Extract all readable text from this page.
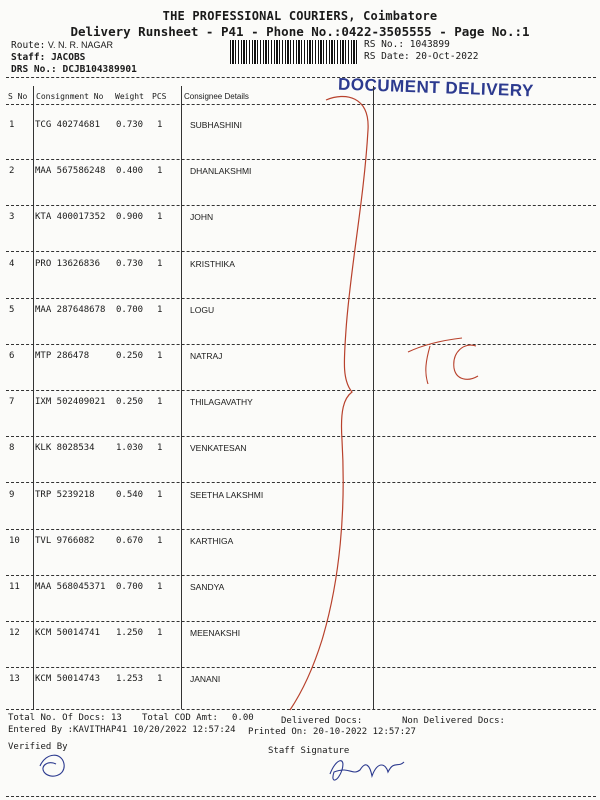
THE PROFESSIONAL COURIERS, Coimbatore
Delivery Runsheet - P41 - Phone No.:0422-3505555 - Page No.:1
Route: V. N. R. NAGAR
Staff: JACOBS
DRS No.: DCJB104389901
RS No.: 1043899
RS Date: 20-Oct-2022
DOCUMENT DELIVERY
S No Consignment No Weight PCS Consignee Details
1 TCG 40274681 0.730 1	SUBHASHINI
2 MAA 567586248 0.400 1	DHANLAKSHMI
3 KTA 400017352 0.900 1	JOHN
4 PRO 13626836 0.730 1	KRISTHIKA
5 MAA 287648678 0.700 1	LOGU
6 MTP 286478	0.250 1	NATRAJ
7 IXM 502409021 0.250 1	THILAGAVATHY
8 KLK 8028534 1.030 1	VENKATESAN
9 TRP 5239218 0.540 1	SEETHA LAKSHMI
10 TVL 9766082 0.670 1	KARTHIGA
11 MAA 568045371 0.700 1	SANDYA
12 KCM 50014741 1.250 1	MEENAKSHI
13 KCM 50014743 1.253 1	JANANI
Total No. Of Docs: 13 Total COD Amt: 0.00	Delivered Docs:	Non Delivered Docs:
Entered By :KAVITHAP41 10/20/2022 12:57:24 Printed On: 20-10-2022 12:57:27
Verified By	Staff Signature
